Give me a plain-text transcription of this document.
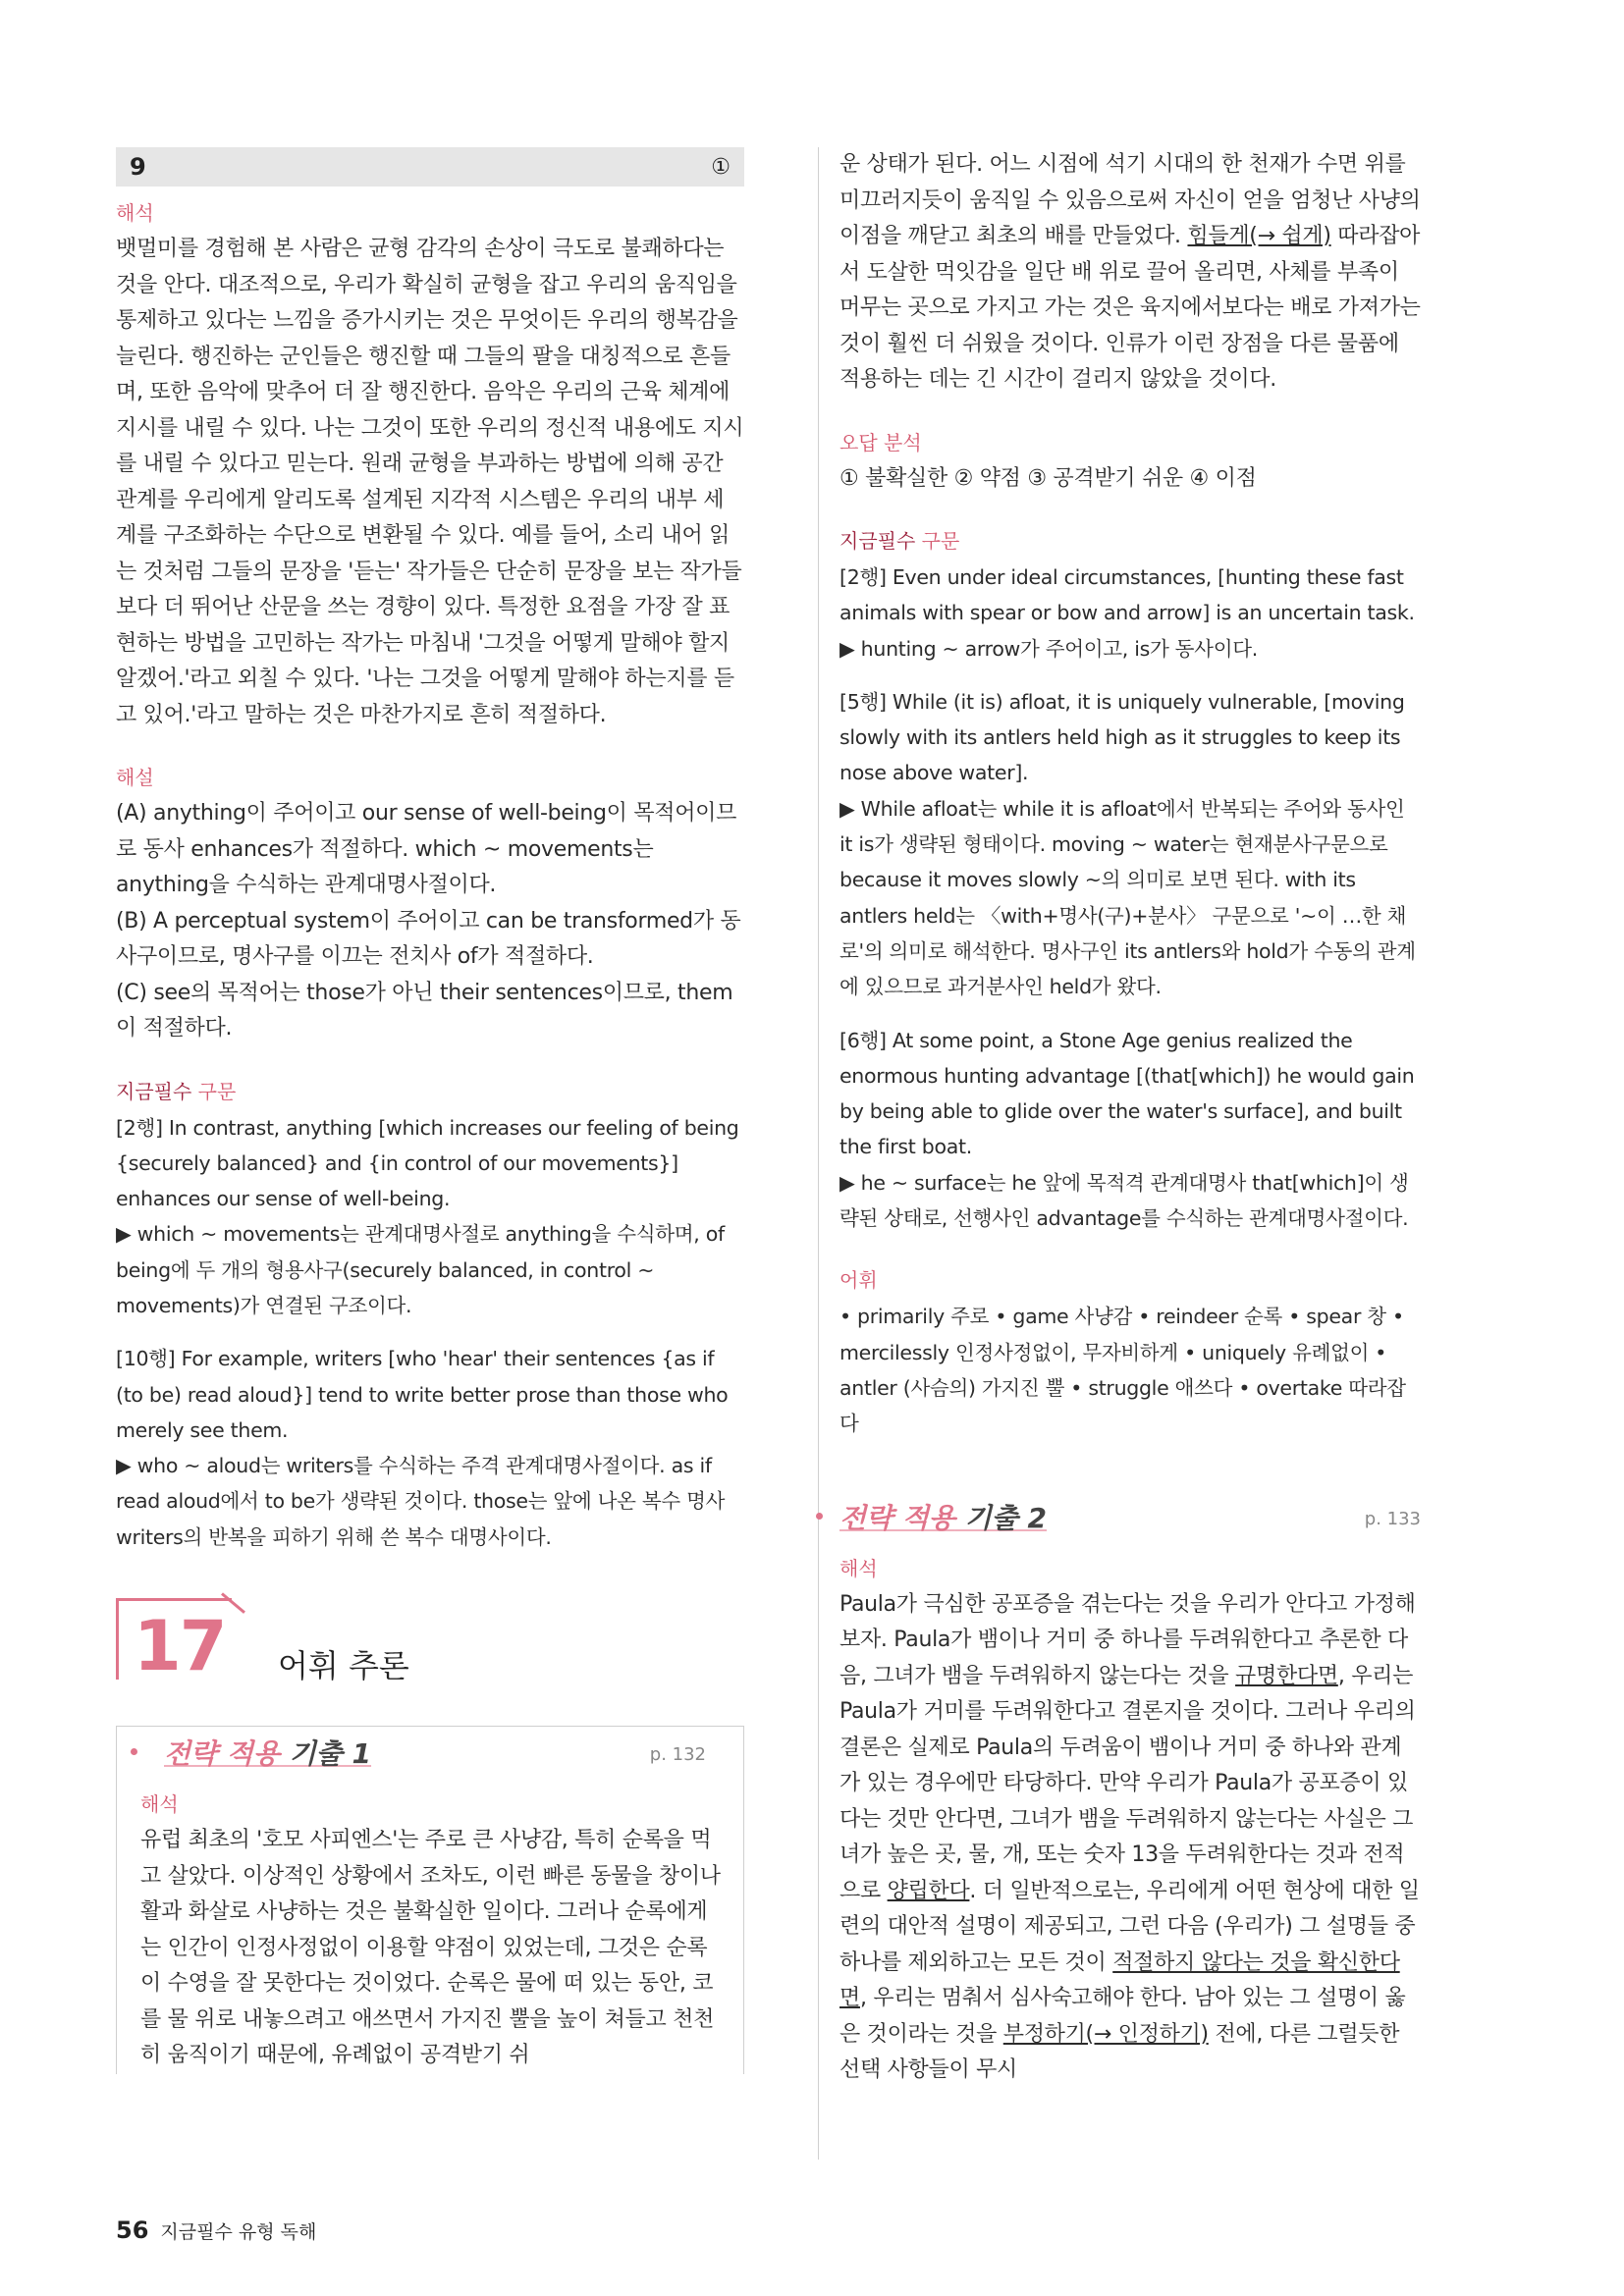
9	①
해석

뱃멀미를 경험해 본 사람은 균형 감각의 손상이 극도로 불쾌하다는 것을 안다. 대조적으로, 우리가 확실히 균형을 잡고 우리의 움직임을 통제하고 있다는 느낌을 증가시키는 것은 무엇이든 우리의 행복감을 늘린다. 행진하는 군인들은 행진할 때 그들의 팔을 대칭적으로 흔들며, 또한 음악에 맞추어 더 잘 행진한다. 음악은 우리의 근육 체계에 지시를 내릴 수 있다. 나는 그것이 또한 우리의 정신적 내용에도 지시를 내릴 수 있다고 믿는다. 원래 균형을 부과하는 방법에 의해 공간 관계를 우리에게 알리도록 설계된 지각적 시스템은 우리의 내부 세계를 구조화하는 수단으로 변환될 수 있다. 예를 들어, 소리 내어 읽는 것처럼 그들의 문장을 '듣는' 작가들은 단순히 문장을 보는 작가들보다 더 뛰어난 산문을 쓰는 경향이 있다. 특정한 요점을 가장 잘 표현하는 방법을 고민하는 작가는 마침내 '그것을 어떻게 말해야 할지 알겠어.'라고 외칠 수 있다. '나는 그것을 어떻게 말해야 하는지를 듣고 있어.'라고 말하는 것은 마찬가지로 흔히 적절하다.

해설

(A) anything이 주어이고 our sense of well-being이 목적어이므로 동사 enhances가 적절하다. which ~ movements는 anything을 수식하는 관계대명사절이다.

(B) A perceptual system이 주어이고 can be transformed가 동사구이므로, 명사구를 이끄는 전치사 of가 적절하다.

(C) see의 목적어는 those가 아닌 their sentences이므로, them이 적절하다.

지금필수 구문

[2행] In contrast, anything [which increases our feeling of being {securely balanced} and {in control of our movements}] enhances our sense of well-being.

▶ which ~ movements는 관계대명사절로 anything을 수식하며, of being에 두 개의 형용사구(securely balanced, in control ~ movements)가 연결된 구조이다.

[10행] For example, writers [who 'hear' their sentences {as if (to be) read aloud}] tend to write better prose than those who merely see them.

▶ who ~ aloud는 writers를 수식하는 주격 관계대명사절이다. as if read aloud에서 to be가 생략된 것이다. those는 앞에 나온 복수 명사 writers의 반복을 피하기 위해 쓴 복수 대명사이다.

17 어휘 추론
전략 적용 기출 1	p. 132
해석

유럽 최초의 '호모 사피엔스'는 주로 큰 사냥감, 특히 순록을 먹고 살았다. 이상적인 상황에서 조차도, 이런 빠른 동물을 창이나 활과 화살로 사냥하는 것은 불확실한 일이다. 그러나 순록에게는 인간이 인정사정없이 이용할 약점이 있었는데, 그것은 순록이 수영을 잘 못한다는 것이었다. 순록은 물에 떠 있는 동안, 코를 물 위로 내놓으려고 애쓰면서 가지진 뿔을 높이 쳐들고 천천히 움직이기 때문에, 유례없이 공격받기 쉬

운 상태가 된다. 어느 시점에 석기 시대의 한 천재가 수면 위를 미끄러지듯이 움직일 수 있음으로써 자신이 얻을 엄청난 사냥의 이점을 깨닫고 최초의 배를 만들었다. 힘들게(→ 쉽게) 따라잡아서 도살한 먹잇감을 일단 배 위로 끌어 올리면, 사체를 부족이 머무는 곳으로 가지고 가는 것은 육지에서보다는 배로 가져가는 것이 훨씬 더 쉬웠을 것이다. 인류가 이런 장점을 다른 물품에 적용하는 데는 긴 시간이 걸리지 않았을 것이다.

오답 분석

① 불확실한 ② 약점 ③ 공격받기 쉬운 ④ 이점

지금필수 구문

[2행] Even under ideal circumstances, [hunting these fast animals with spear or bow and arrow] is an uncertain task.

▶ hunting ~ arrow가 주어이고, is가 동사이다.

[5행] While (it is) afloat, it is uniquely vulnerable, [moving slowly with its antlers held high as it struggles to keep its nose above water].

▶ While afloat는 while it is afloat에서 반복되는 주어와 동사인 it is가 생략된 형태이다. moving ~ water는 현재분사구문으로 because it moves slowly ~의 의미로 보면 된다. with its antlers held는 〈with+명사(구)+분사〉 구문으로 '~이 …한 채로'의 의미로 해석한다. 명사구인 its antlers와 hold가 수동의 관계에 있으므로 과거분사인 held가 왔다.

[6행] At some point, a Stone Age genius realized the enormous hunting advantage [(that[which]) he would gain by being able to glide over the water's surface], and built the first boat.

▶ he ~ surface는 he 앞에 목적격 관계대명사 that[which]이 생략된 상태로, 선행사인 advantage를 수식하는 관계대명사절이다.

어휘

• primarily 주로 • game 사냥감 • reindeer 순록 • spear 창 • mercilessly 인정사정없이, 무자비하게 • uniquely 유례없이 • antler (사슴의) 가지진 뿔 • struggle 애쓰다 • overtake 따라잡다

전략 적용 기출 2	p. 133
해석

Paula가 극심한 공포증을 겪는다는 것을 우리가 안다고 가정해 보자. Paula가 뱀이나 거미 중 하나를 두려워한다고 추론한 다음, 그녀가 뱀을 두려워하지 않는다는 것을 규명한다면, 우리는 Paula가 거미를 두려워한다고 결론지을 것이다. 그러나 우리의 결론은 실제로 Paula의 두려움이 뱀이나 거미 중 하나와 관계가 있는 경우에만 타당하다. 만약 우리가 Paula가 공포증이 있다는 것만 안다면, 그녀가 뱀을 두려워하지 않는다는 사실은 그녀가 높은 곳, 물, 개, 또는 숫자 13을 두려워한다는 것과 전적으로 양립한다. 더 일반적으로는, 우리에게 어떤 현상에 대한 일련의 대안적 설명이 제공되고, 그런 다음 (우리가) 그 설명들 중 하나를 제외하고는 모든 것이 적절하지 않다는 것을 확신한다면, 우리는 멈춰서 심사숙고해야 한다. 남아 있는 그 설명이 옳은 것이라는 것을 부정하기(→ 인정하기) 전에, 다른 그럴듯한 선택 사항들이 무시

56 지금필수 유형 독해
